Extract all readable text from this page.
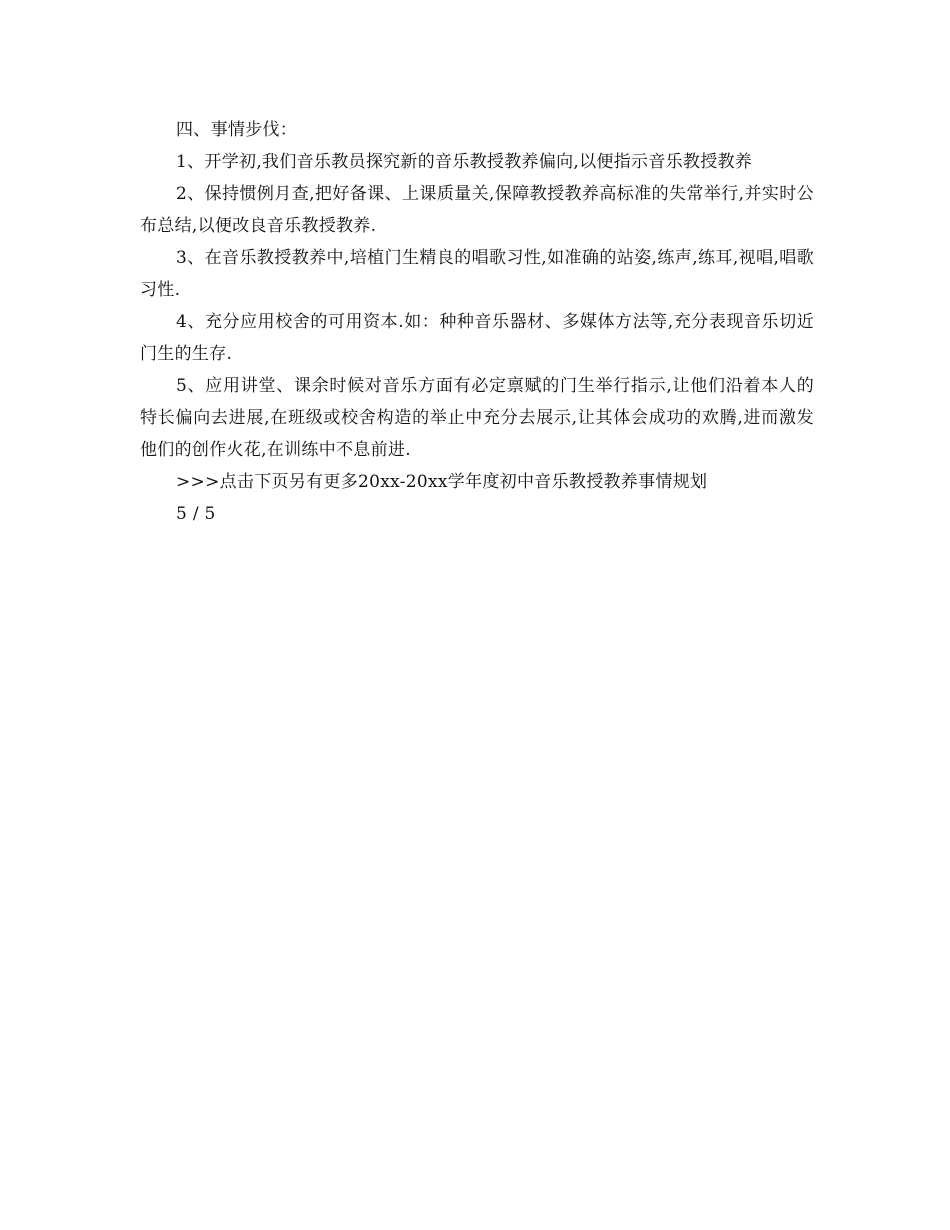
四、事情步伐：

1、开学初,我们音乐教员探究新的音乐教授教养偏向,以便指示音乐教授教养

2、保持惯例月查,把好备课、上课质量关,保障教授教养高标准的失常举行,并实时公布总结,以便改良音乐教授教养.

3、在音乐教授教养中,培植门生精良的唱歌习性,如准确的站姿,练声,练耳,视唱,唱歌习性.

4、充分应用校舍的可用资本.如：种种音乐器材、多媒体方法等,充分表现音乐切近门生的生存.

5、应用讲堂、课余时候对音乐方面有必定禀赋的门生举行指示,让他们沿着本人的特长偏向去进展,在班级或校舍构造的举止中充分去展示,让其体会成功的欢腾,进而激发他们的创作火花,在训练中不息前进.

>>>点击下页另有更多20xx-20xx学年度初中音乐教授教养事情规划

5 / 5
